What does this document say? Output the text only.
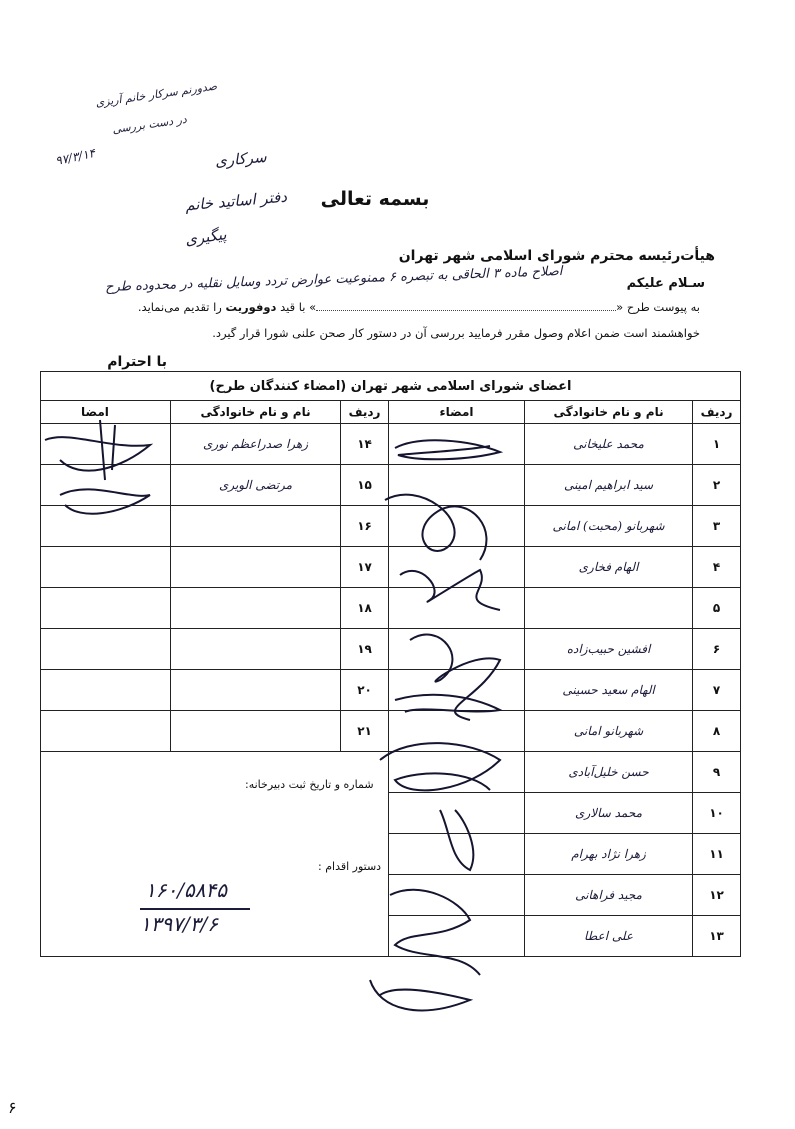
صدورنم سرکار خانم آریزی
در دست بررسی
۹۷/۳/۱۴	سرکاری
دفتر اساتید خانم
پیگیری
بسمه تعالی
هیأت‌رئیسه محترم شورای اسلامی شهر تهران
سـلام علیکم
اصلاح ماده ۳ الحاقی به تبصره ۶ ممنوعیت عوارض تردد وسایل نقلیه در محدوده طرح
به پیوست طرح «» با قید دوفوریت را تقدیم می‌نماید.
خواهشمند است ضمن اعلام وصول مقرر فرمایید بررسی آن در دستور کار صحن علنی شورا قرار گیرد.
با احترام
اعضای شورای اسلامی شهر تهران (امضاء کنندگان طرح)					
ردیف	نام و نام خانوادگی	امضاء	ردیف	نام و نام خانوادگی	امضا
۱	محمد علیخانی		۱۴	زهرا صدراعظم نوری	
۲	سید ابراهیم امینی		۱۵	مرتضی الویری	
۳	شهربانو (محبت) امانی		۱۶		
۴	الهام فخاری		۱۷		
۵			۱۸		
۶	افشین حبیب‌زاده		۱۹		
۷	الهام سعید حسینی		۲۰		
۸	شهربانو امانی		۲۱		
۹	حسن خلیل‌آبادی				
۱۰	محمد سالاری				
۱۱	زهرا نژاد بهرام				
۱۲	مجید فراهانی				
۱۳	علی اعطا				
شماره و تاریخ ثبت دبیرخانه:
دستور اقدام :
۱۶۰/۵۸۴۵
۱۳۹۷/۳/۶
۶
